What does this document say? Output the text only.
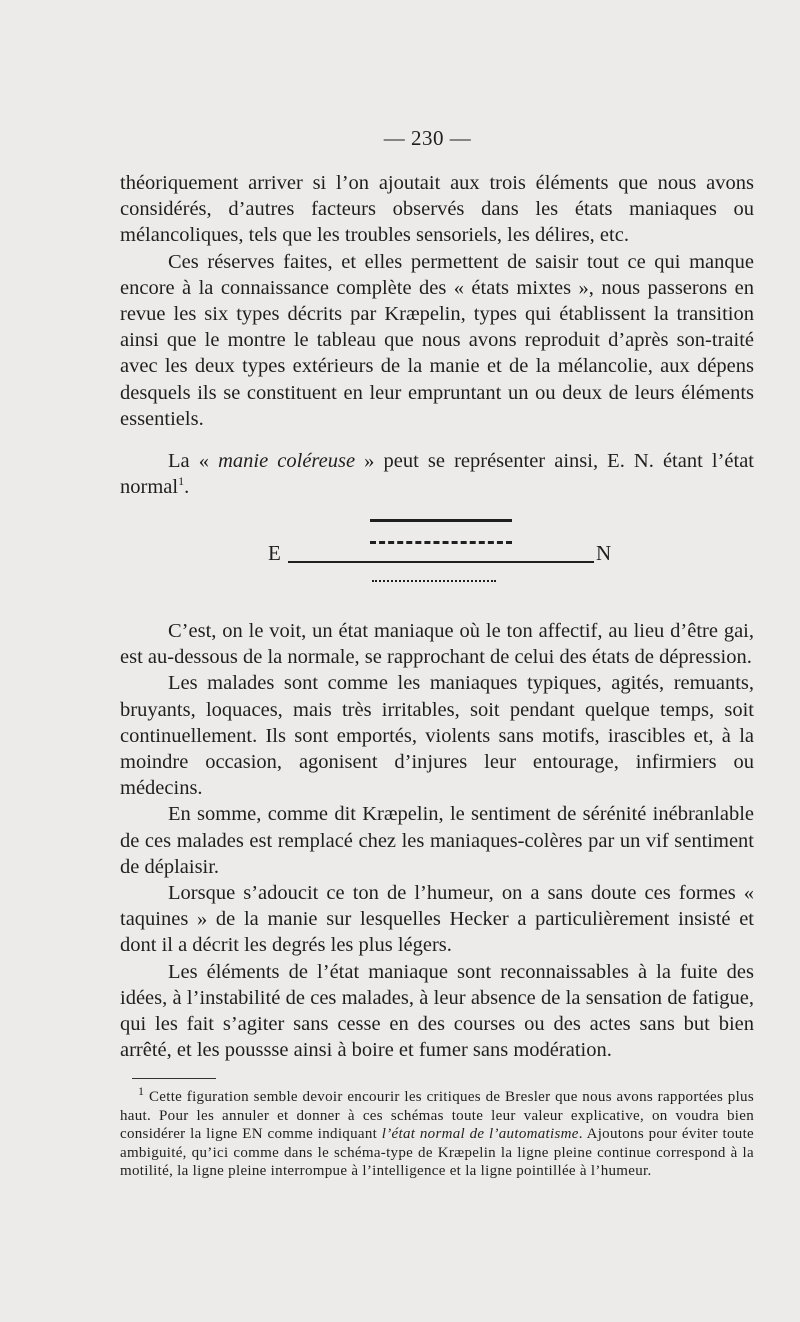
— 230 —

théoriquement arriver si l’on ajoutait aux trois éléments que nous avons considérés, d’autres facteurs observés dans les états maniaques ou mélancoliques, tels que les troubles sensoriels, les délires, etc.

Ces réserves faites, et elles permettent de saisir tout ce qui manque encore à la connaissance complète des « états mixtes », nous passerons en revue les six types décrits par Kræpelin, types qui établissent la transition ainsi que le montre le tableau que nous avons reproduit d’après son-traité avec les deux types extérieurs de la manie et de la mélancolie, aux dépens desquels ils se constituent en leur empruntant un ou deux de leurs éléments essentiels.

La « manie coléreuse » peut se représenter ainsi, E. N. étant l’état normal$^1$.

E	N

C’est, on le voit, un état maniaque où le ton affectif, au lieu d’être gai, est au-dessous de la normale, se rapprochant de celui des états de dépression.

Les malades sont comme les maniaques typiques, agités, remuants, bruyants, loquaces, mais très irritables, soit pendant quelque temps, soit continuellement. Ils sont emportés, violents sans motifs, irascibles et, à la moindre occasion, agonisent d’injures leur entourage, infirmiers ou médecins.

En somme, comme dit Kræpelin, le sentiment de sérénité inébranlable de ces malades est remplacé chez les maniaques-colères par un vif sentiment de déplaisir.

Lorsque s’adoucit ce ton de l’humeur, on a sans doute ces formes « taquines » de la manie sur lesquelles Hecker a particulièrement insisté et dont il a décrit les degrés les plus légers.

Les éléments de l’état maniaque sont reconnaissables à la fuite des idées, à l’instabilité de ces malades, à leur absence de la sensation de fatigue, qui les fait s’agiter sans cesse en des courses ou des actes sans but bien arrêté, et les poussse ainsi à boire et fumer sans modération.

$^1$ Cette figuration semble devoir encourir les critiques de Bresler que nous avons rapportées plus haut. Pour les annuler et donner à ces schémas toute leur valeur explicative, on voudra bien considérer la ligne EN comme indiquant l’état normal de l’automatisme. Ajoutons pour éviter toute ambiguité, qu’ici comme dans le schéma-type de Kræpelin la ligne pleine continue correspond à la motilité, la ligne pleine interrompue à l’intelligence et la ligne pointillée à l’humeur.
